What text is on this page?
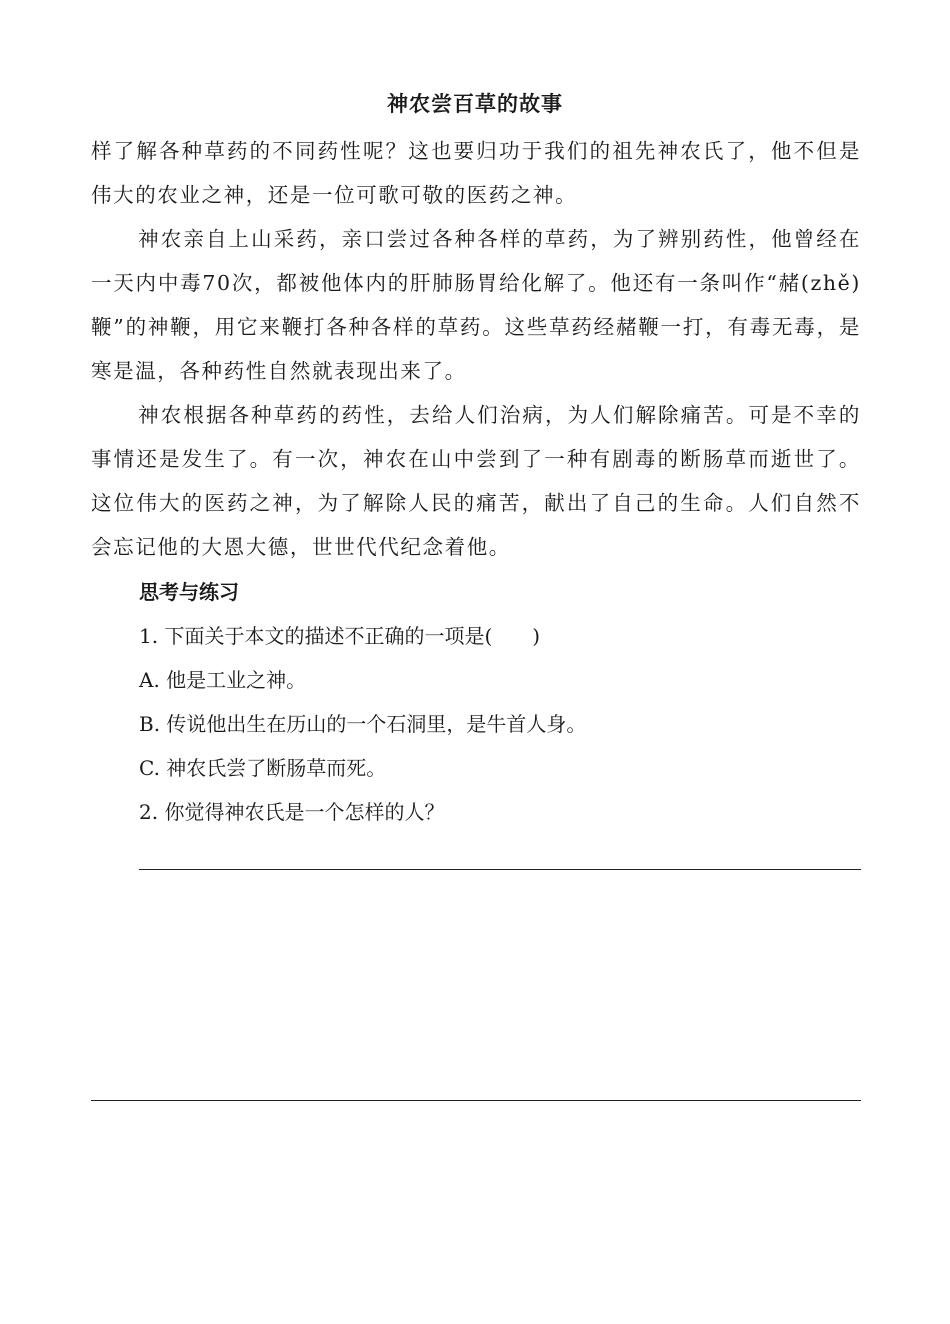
神农尝百草的故事

样了解各种草药的不同药性呢？这也要归功于我们的祖先神农氏了，他不但是伟大的农业之神，还是一位可歌可敬的医药之神。

神农亲自上山采药，亲口尝过各种各样的草药，为了辨别药性，他曾经在一天内中毒70次，都被他体内的肝肺肠胃给化解了。他还有一条叫作“赭(zhě)鞭”的神鞭，用它来鞭打各种各样的草药。这些草药经赭鞭一打，有毒无毒，是寒是温，各种药性自然就表现出来了。

神农根据各种草药的药性，去给人们治病，为人们解除痛苦。可是不幸的事情还是发生了。有一次，神农在山中尝到了一种有剧毒的断肠草而逝世了。这位伟大的医药之神，为了解除人民的痛苦，献出了自己的生命。人们自然不会忘记他的大恩大德，世世代代纪念着他。

思考与练习

1. 下面关于本文的描述不正确的一项是(　　)

A. 他是工业之神。

B. 传说他出生在历山的一个石洞里，是牛首人身。

C. 神农氏尝了断肠草而死。

2. 你觉得神农氏是一个怎样的人？
